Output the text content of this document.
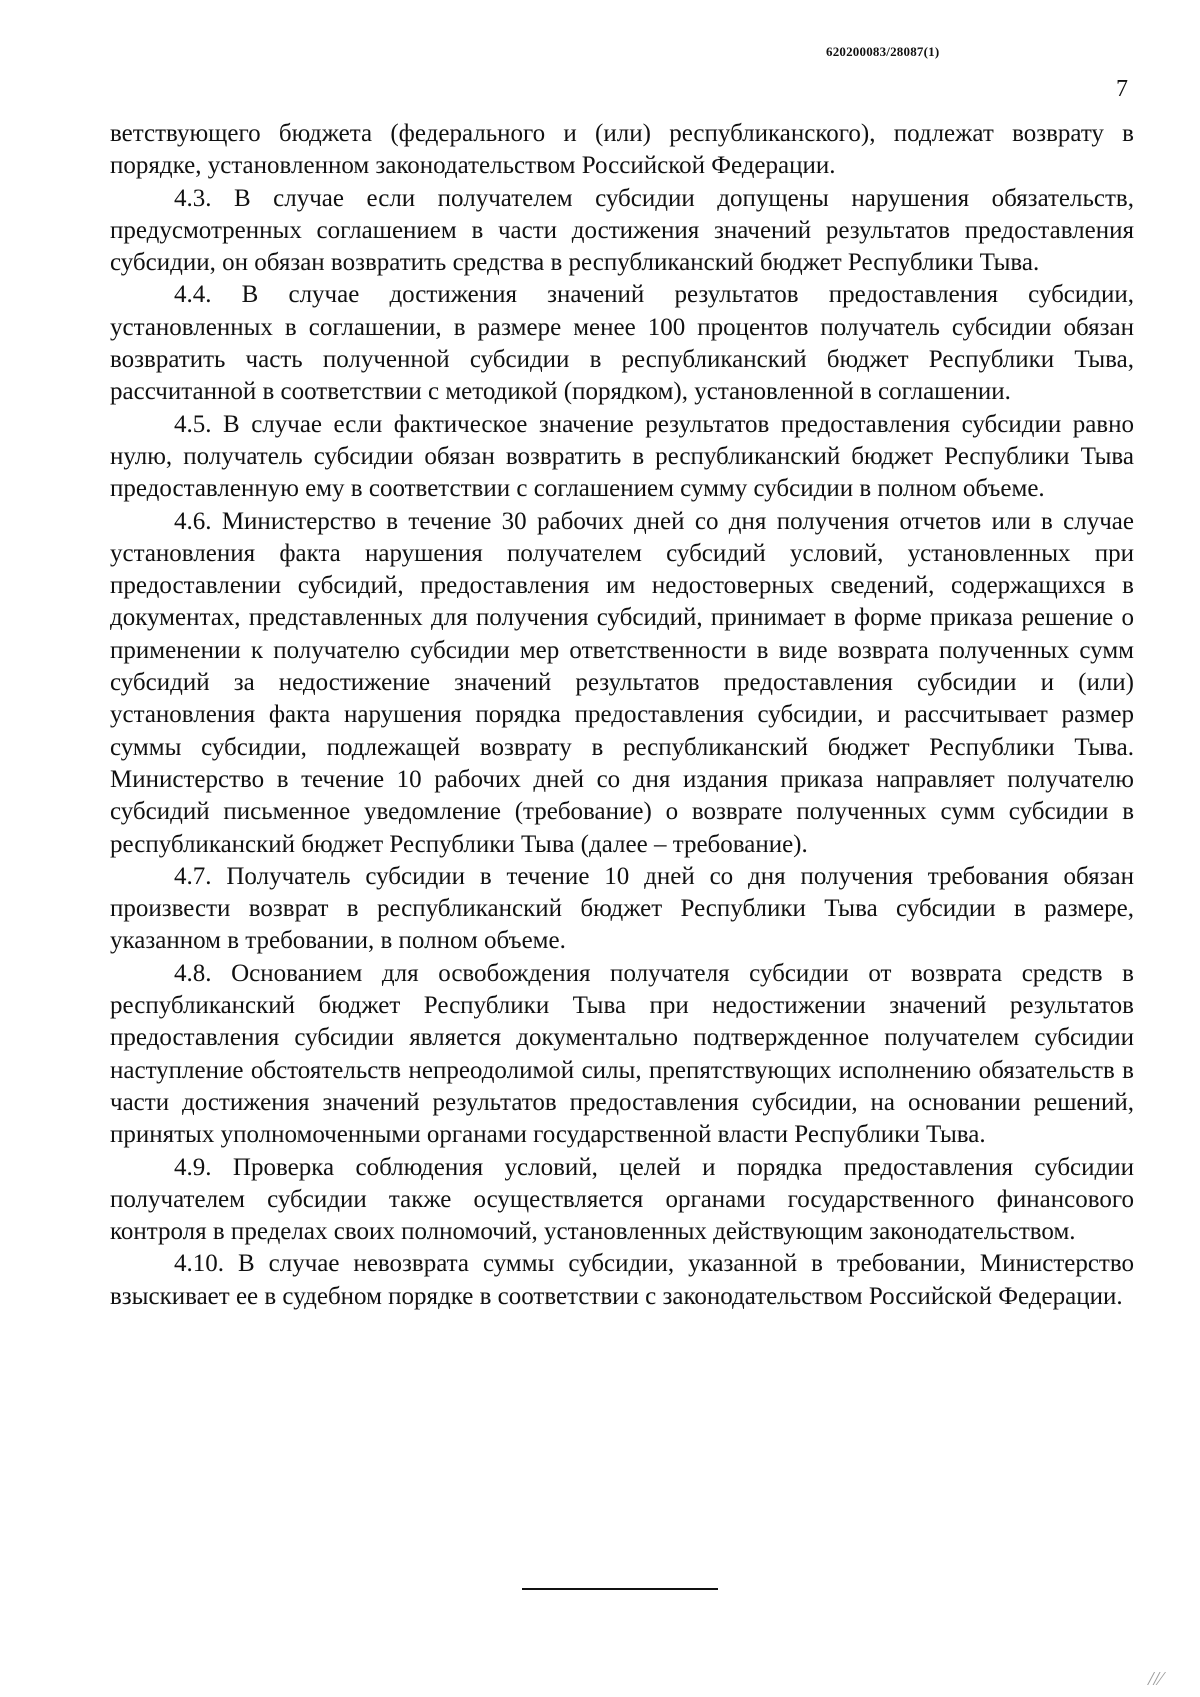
620200083/28087(1)
7

ветствующего бюджета (федерального и (или) республиканского), подлежат возврату в порядке, установленном законодательством Российской Федерации.

4.3. В случае если получателем субсидии допущены нарушения обязательств, предусмотренных соглашением в части достижения значений результатов предоставления субсидии, он обязан возвратить средства в республиканский бюджет Республики Тыва.

4.4. В случае достижения значений результатов предоставления субсидии, установленных в соглашении, в размере менее 100 процентов получатель субсидии обязан возвратить часть полученной субсидии в республиканский бюджет Республики Тыва, рассчитанной в соответствии с методикой (порядком), установленной в соглашении.

4.5. В случае если фактическое значение результатов предоставления субсидии равно нулю, получатель субсидии обязан возвратить в республиканский бюджет Республики Тыва предоставленную ему в соответствии с соглашением сумму субсидии в полном объеме.

4.6. Министерство в течение 30 рабочих дней со дня получения отчетов или в случае установления факта нарушения получателем субсидий условий, установленных при предоставлении субсидий, предоставления им недостоверных сведений, содержащихся в документах, представленных для получения субсидий, принимает в форме приказа решение о применении к получателю субсидии мер ответственности в виде возврата полученных сумм субсидий за недостижение значений результатов предоставления субсидии и (или) установления факта нарушения порядка предоставления субсидии, и рассчитывает размер суммы субсидии, подлежащей возврату в республиканский бюджет Республики Тыва. Министерство в течение 10 рабочих дней со дня издания приказа направляет получателю субсидий письменное уведомление (требование) о возврате полученных сумм субсидии в республиканский бюджет Республики Тыва (далее – требование).

4.7. Получатель субсидии в течение 10 дней со дня получения требования обязан произвести возврат в республиканский бюджет Республики Тыва субсидии в размере, указанном в требовании, в полном объеме.

4.8. Основанием для освобождения получателя субсидии от возврата средств в республиканский бюджет Республики Тыва при недостижении значений результатов предоставления субсидии является документально подтвержденное получателем субсидии наступление обстоятельств непреодолимой силы, препятствующих исполнению обязательств в части достижения значений результатов предоставления субсидии, на основании решений, принятых уполномоченными органами государственной власти Республики Тыва.

4.9. Проверка соблюдения условий, целей и порядка предоставления субсидии получателем субсидии также осуществляется органами государственного финансового контроля в пределах своих полномочий, установленных действующим законодательством.

4.10. В случае невозврата суммы субсидии, указанной в требовании, Министерство взыскивает ее в судебном порядке в соответствии с законодательством Российской Федерации.

//⁄
